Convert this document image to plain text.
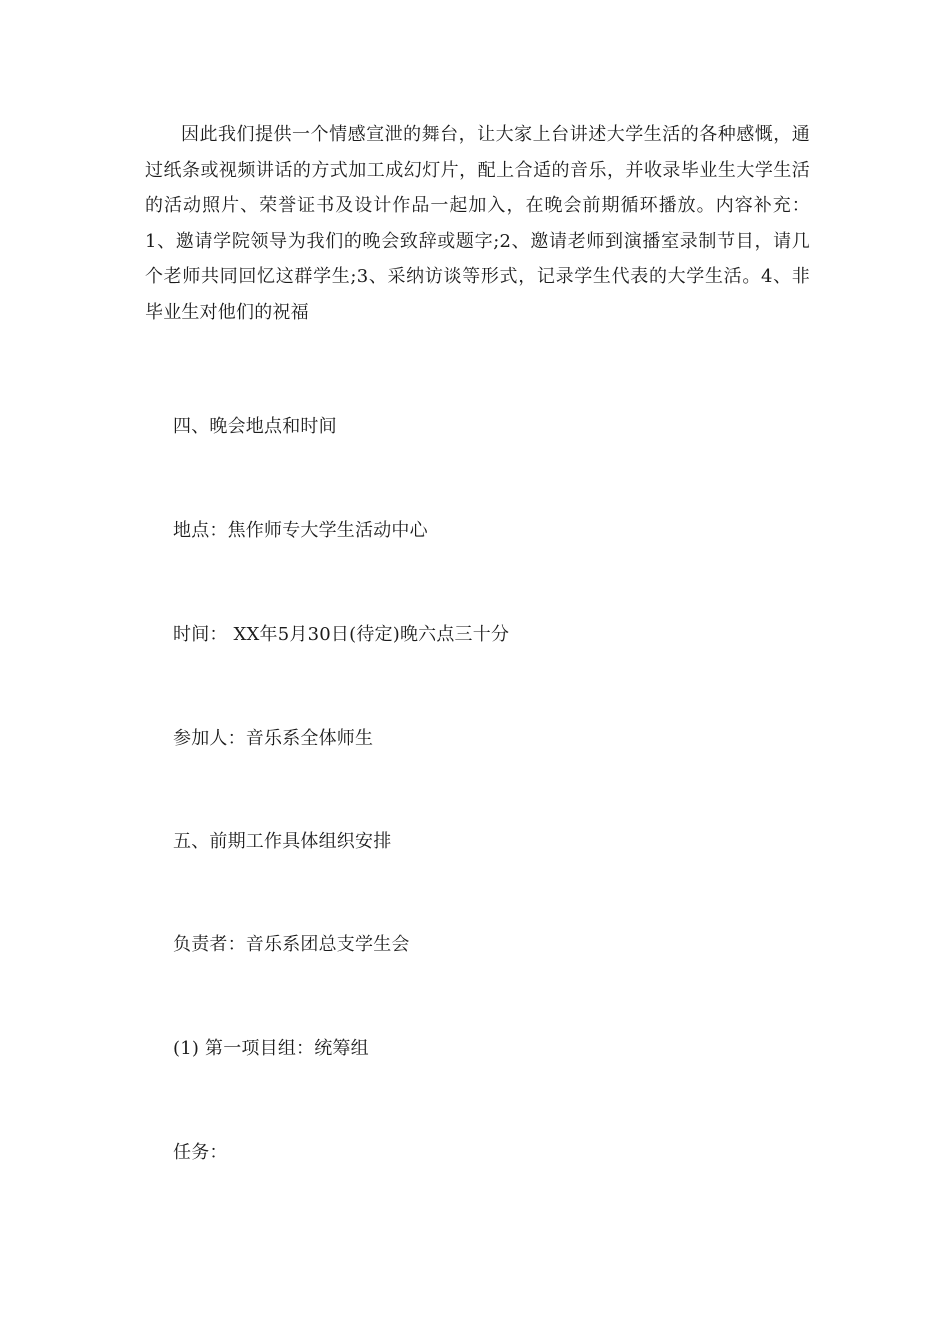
因此我们提供一个情感宣泄的舞台，让大家上台讲述大学生活的各种感慨，通过纸条或视频讲话的方式加工成幻灯片，配上合适的音乐，并收录毕业生大学生活的活动照片、荣誉证书及设计作品一起加入，在晚会前期循环播放。内容补充：1、邀请学院领导为我们的晚会致辞或题字;2、邀请老师到演播室录制节目，请几个老师共同回忆这群学生;3、采纳访谈等形式，记录学生代表的大学生活。4、非毕业生对他们的祝福

四、晚会地点和时间

地点：焦作师专大学生活动中心

时间： XX年5月30日(待定)晚六点三十分

参加人：音乐系全体师生

五、前期工作具体组织安排

负责者：音乐系团总支学生会

(1) 第一项目组：统筹组

任务：
